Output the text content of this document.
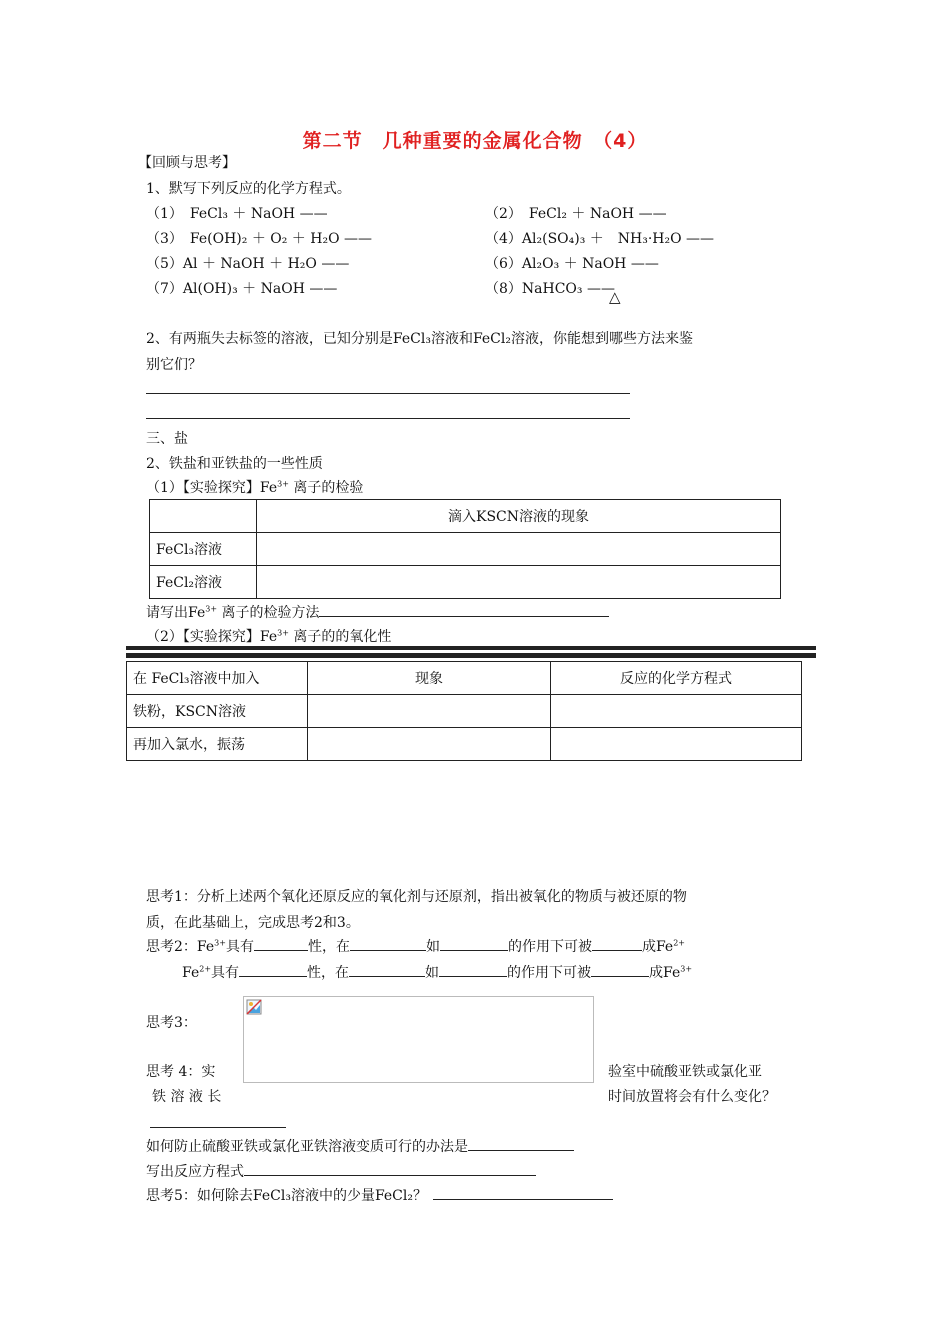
第二节　几种重要的金属化合物　（4）
【回顾与思考】
1、默写下列反应的化学方程式。
（1）　FeCl₃ ＋ NaOH ——	（2）　FeCl₂ ＋ NaOH ——
（3）　Fe(OH)₂ ＋ O₂ ＋ H₂O ——	（4）Al₂(SO₄)₃ ＋　NH₃·H₂O ——
（5）Al ＋ NaOH ＋ H₂O ——	（6）Al₂O₃ ＋ NaOH ——
（7）Al(OH)₃ ＋ NaOH ——	（8）NaHCO₃ ——
△
2、有两瓶失去标签的溶液，已知分别是FeCl₃溶液和FeCl₂溶液，你能想到哪些方法来鉴
别它们？
三、盐
2、铁盐和亚铁盐的一些性质
（1）【实验探究】$Fe^{3+}$ 离子的检验
	滴入KSCN溶液的现象
FeCl₃溶液	
FeCl₂溶液	
请写出$Fe^{3+}$ 离子的检验方法
（2）【实验探究】$Fe^{3+}$ 离子的的氧化性
在 FeCl₃溶液中加入	现象	反应的化学方程式
铁粉，KSCN溶液		
再加入氯水，振荡		
思考1：分析上述两个氧化还原反应的氧化剂与还原剂，指出被氧化的物质与被还原的物
质，在此基础上，完成思考2和3。
思考2：$Fe^{3+}$具有	性，在	如	的作用下可被	成$Fe^{2+}$
$Fe^{2+}$具有	性，在	如	的作用下可被	成$Fe^{3+}$
思考3：
思考 4：实
铁 溶 液 长
验室中硫酸亚铁或氯化亚
时间放置将会有什么变化？
如何防止硫酸亚铁或氯化亚铁溶液变质可行的办法是
写出反应方程式
思考5：如何除去FeCl₃溶液中的少量FeCl₂？
